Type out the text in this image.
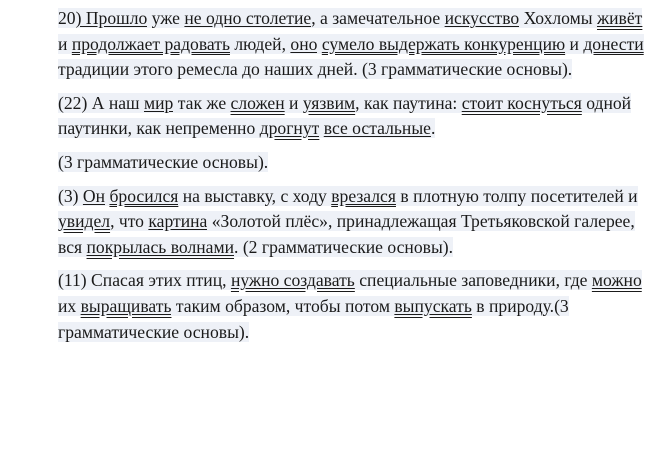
20) Прошло уже не одно столетие, а замечательное искусство Хохломы живёт и продолжает радовать людей, оно сумело выдержать конкуренцию и донести традиции этого ремесла до наших дней. (3 грамматические основы).

(22) А наш мир так же сложен и уязвим, как паутина: стоит коснуться одной паутинки, как непременно дрогнут все остальные.

(3 грамматические основы).

(3) Он бросился на выставку, с ходу врезался в плотную толпу посетителей и увидел, что картина «Золотой плёс», принадлежащая Третьяковской галерее, вся покрылась волнами. (2 грамматические основы).

(11) Спасая этих птиц, нужно создавать специальные заповедники, где можно их выращивать таким образом, чтобы потом выпускать в природу.(3 грамматические основы).
